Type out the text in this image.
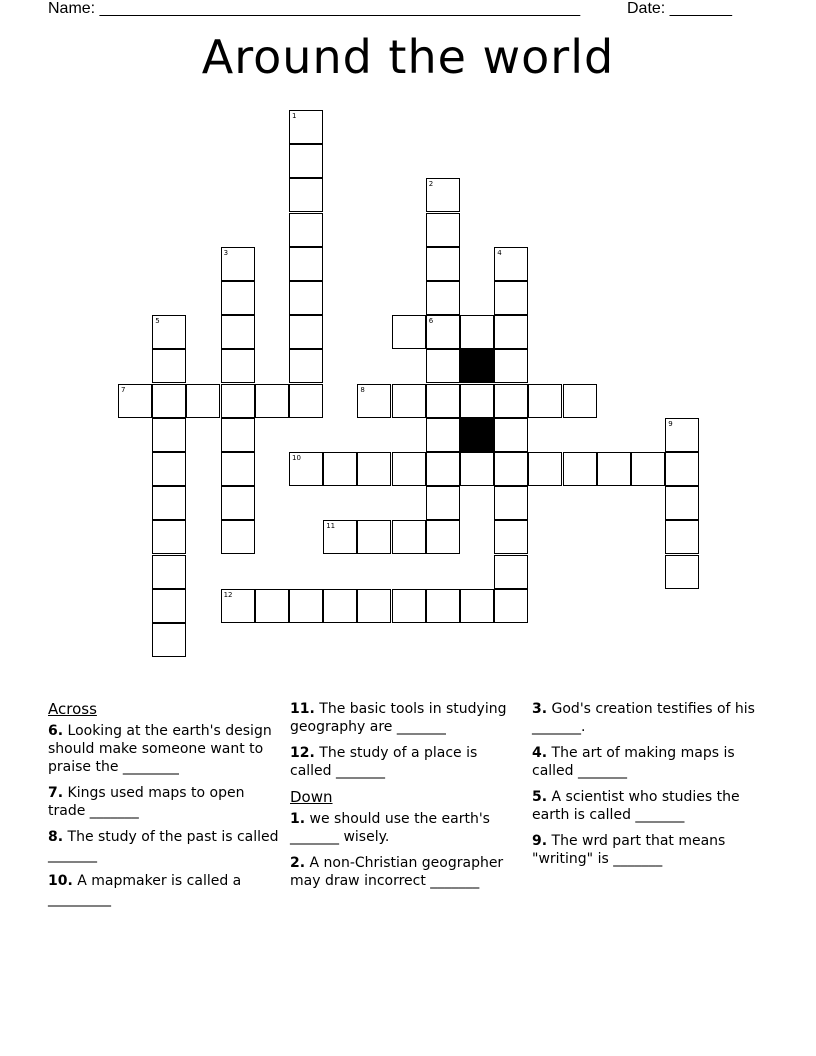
Name: ______________________________________________________	Date: _______
Around the world
1
2
3	4
5	6
7	8
9
10
11
12
Across
6. Looking at the earth's design should make someone want to praise the ________
7. Kings used maps to open trade _______
8. The study of the past is called _______
10. A mapmaker is called a _________
11. The basic tools in studying geography are _______
12. The study of a place is called _______
Down
1. we should use the earth's _______ wisely.
2. A non-Christian geographer may draw incorrect _______
3. God's creation testifies of his _______.
4. The art of making maps is called _______
5. A scientist who studies the earth is called _______
9. The wrd part that means "writing" is _______
